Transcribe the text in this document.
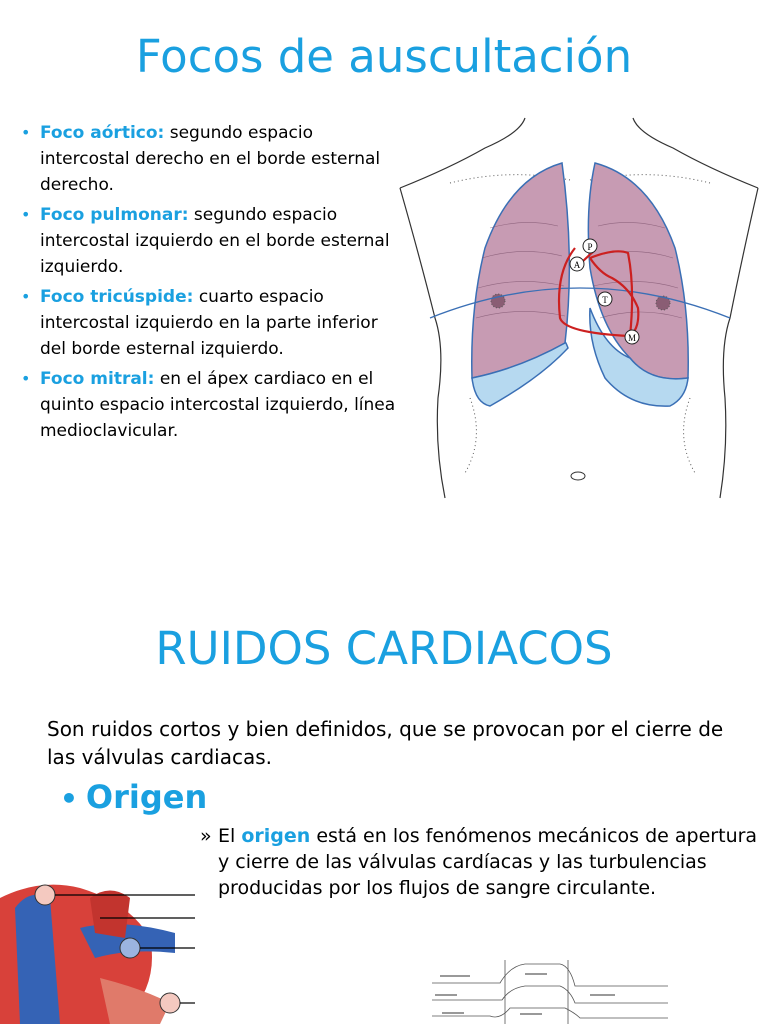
Focos de auscultación
• Foco aórtico: segundo espacio intercostal derecho en el borde esternal derecho.
• Foco pulmonar: segundo espacio intercostal izquierdo en el borde esternal izquierdo.
• Foco tricúspide: cuarto espacio intercostal izquierdo en la parte inferior del borde esternal izquierdo.
• Foco mitral: en el ápex cardiaco en el quinto espacio intercostal izquierdo, línea medioclavicular.
P
A
T
M
RUIDOS CARDIACOS
Son ruidos cortos y bien definidos, que se provocan por el cierre de las válvulas cardiacas.
• Origen
» El origen está en los fenómenos mecánicos de apertura y cierre de las válvulas cardíacas y las turbulencias producidas por los flujos de sangre circulante.
